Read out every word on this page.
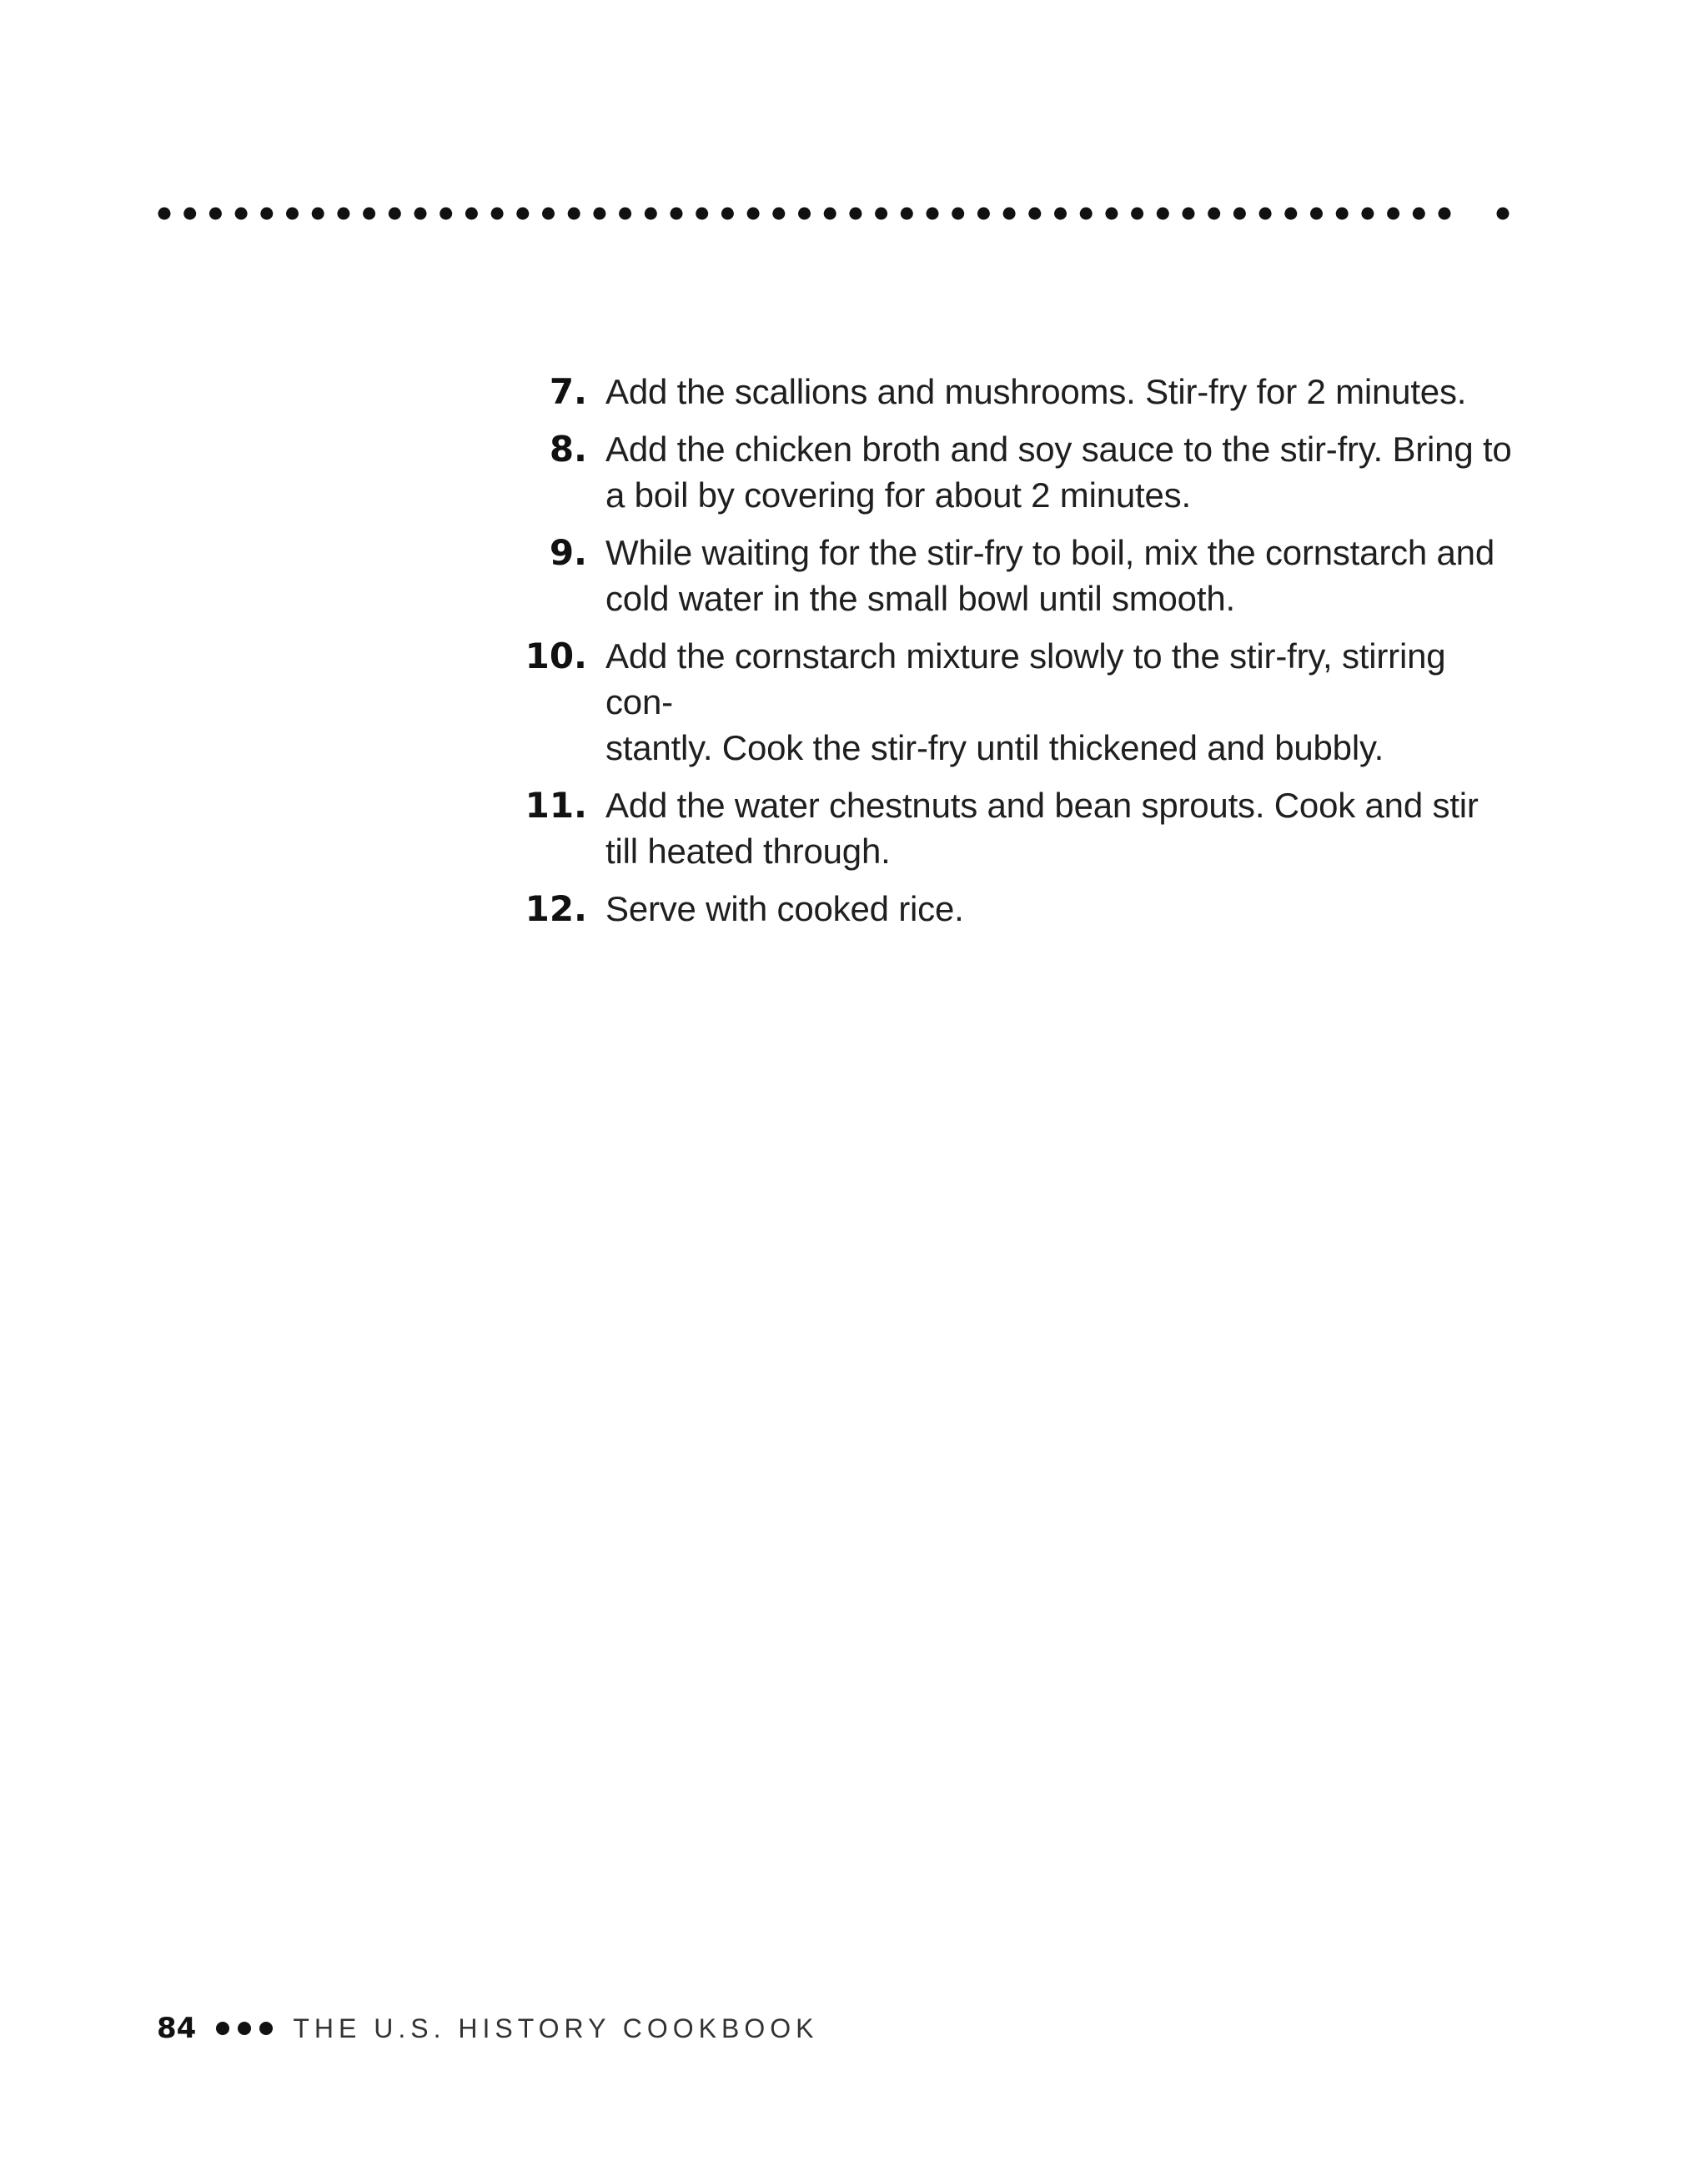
7. Add the scallions and mushrooms. Stir-fry for 2 minutes.
8. Add the chicken broth and soy sauce to the stir-fry. Bring to
a boil by covering for about 2 minutes.
9. While waiting for the stir-fry to boil, mix the cornstarch and
cold water in the small bowl until smooth.
10. Add the cornstarch mixture slowly to the stir-fry, stirring con-
stantly. Cook the stir-fry until thickened and bubbly.
11. Add the water chestnuts and bean sprouts. Cook and stir
till heated through.
12. Serve with cooked rice.
84	THE U.S. HISTORY COOKBOOK
